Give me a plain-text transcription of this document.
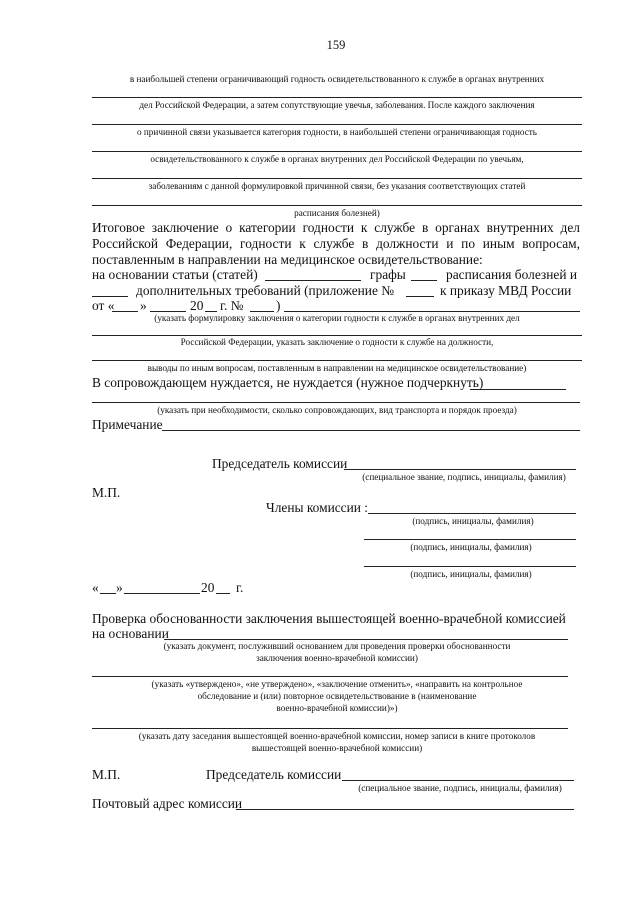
159
в наибольшей степени ограничивающий годность освидетельствованного к службе в органах внутренних
дел Российской Федерации, а затем сопутствующие увечья, заболевания. После каждого заключения
о причинной связи указывается категория годности, в наибольшей степени ограничивающая годность
освидетельствованного к службе в органах внутренних дел Российской Федерации по увечьям,
заболеваниям с данной формулировкой причинной связи, без указания соответствующих статей
расписания болезней)
Итоговое заключение о категории годности к службе в органах внутренних дел
Российской Федерации, годности к службе в должности и по иным вопросам,
поставленным в направлении на медицинское освидетельствование:
на основании статьи (статей)	графы	расписания болезней и
дополнительных требований (приложение №	к приказу МВД России
от « »	20 г. № )
(указать формулировку заключения о категории годности к службе в органах внутренних дел
Российской Федерации, указать заключение о годности к службе на должности,
выводы по иным вопросам, поставленным в направлении на медицинское освидетельствование)
В сопровождающем нуждается, не нуждается (нужное подчеркнуть)
(указать при необходимости, сколько сопровождающих, вид транспорта и порядок проезда)
Примечание
Председатель комиссии
(специальное звание, подпись, инициалы, фамилия)
М.П.
Члены комиссии :
(подпись, инициалы, фамилия)
(подпись, инициалы, фамилия)
(подпись, инициалы, фамилия)
« »	20 г.
Проверка обоснованности заключения вышестоящей военно-врачебной комиссией
на основании
(указать документ, послуживший основанием для проведения проверки обоснованности
заключения военно-врачебной комиссии)
(указать «утверждено», «не утверждено», «заключение отменить», «направить на контрольное
обследование и (или) повторное освидетельствование в (наименование
военно-врачебной комиссии)»)
(указать дату заседания вышестоящей военно-врачебной комиссии, номер записи в книге протоколов
вышестоящей военно-врачебной комиссии)
М.П.	Председатель комиссии
(специальное звание, подпись, инициалы, фамилия)
Почтовый адрес комиссии
